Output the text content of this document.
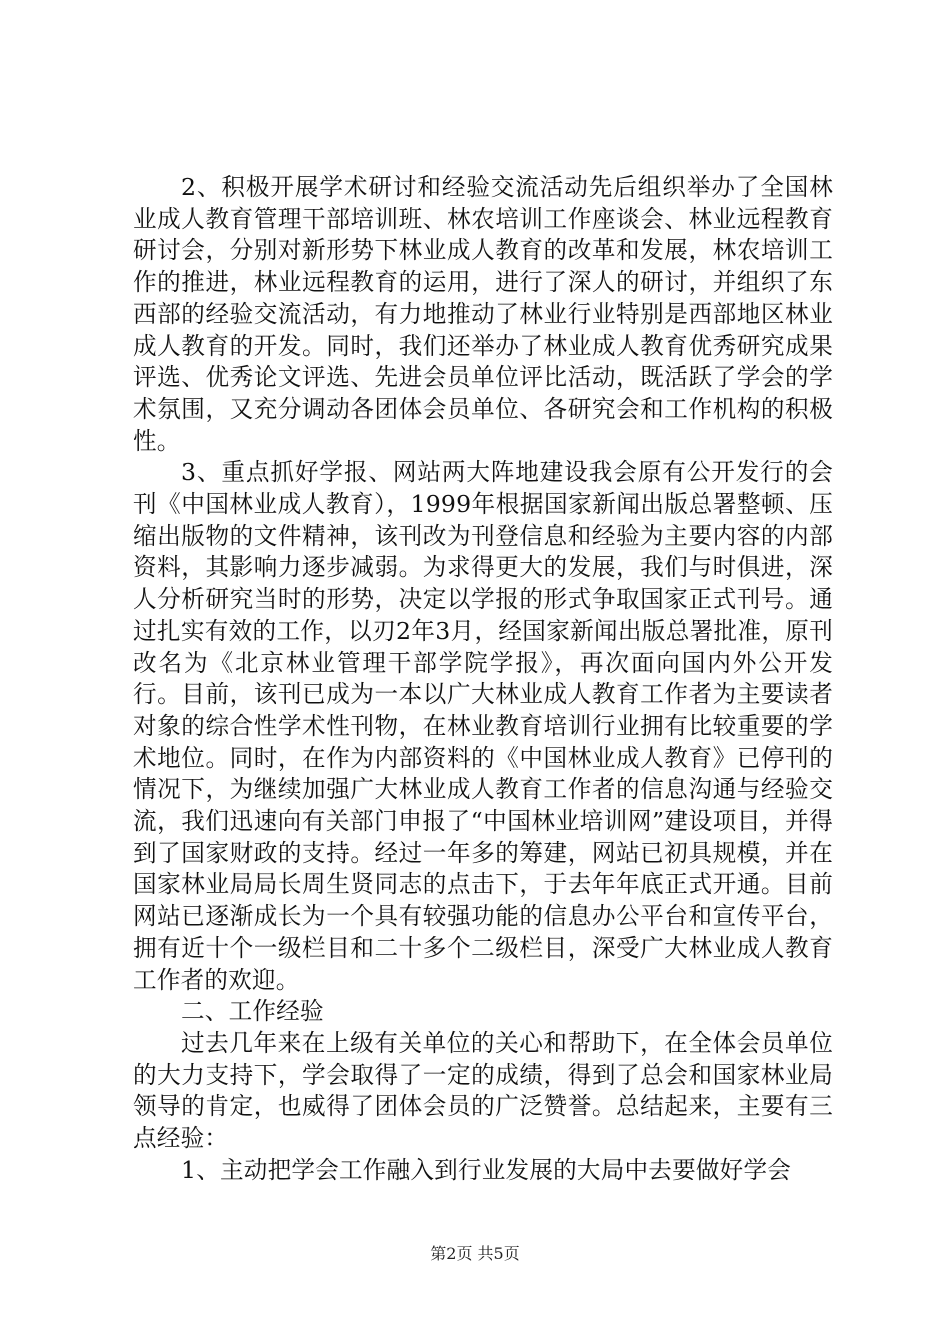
2、积极开展学术研讨和经验交流活动先后组织举办了全国林业成人教育管理干部培训班、林农培训工作座谈会、林业远程教育研讨会，分别对新形势下林业成人教育的改革和发展，林农培训工作的推进，林业远程教育的运用，进行了深人的研讨，并组织了东西部的经验交流活动，有力地推动了林业行业特别是西部地区林业成人教育的开发。同时，我们还举办了林业成人教育优秀研究成果评选、优秀论文评选、先进会员单位评比活动，既活跃了学会的学术氛围，又充分调动各团体会员单位、各研究会和工作机构的积极性。

3、重点抓好学报、网站两大阵地建设我会原有公开发行的会刊《中国林业成人教育），1999年根据国家新闻出版总署整顿、压缩出版物的文件精神，该刊改为刊登信息和经验为主要内容的内部资料，其影响力逐步减弱。为求得更大的发展，我们与时俱进，深人分析研究当时的形势，决定以学报的形式争取国家正式刊号。通过扎实有效的工作，以刃2年3月，经国家新闻出版总署批准，原刊改名为《北京林业管理干部学院学报》，再次面向国内外公开发行。目前，该刊已成为一本以广大林业成人教育工作者为主要读者对象的综合性学术性刊物，在林业教育培训行业拥有比较重要的学术地位。同时，在作为内部资料的《中国林业成人教育》已停刊的情况下，为继续加强广大林业成人教育工作者的信息沟通与经验交流，我们迅速向有关部门申报了“中国林业培训网”建设项目，并得到了国家财政的支持。经过一年多的筹建，网站已初具规模，并在国家林业局局长周生贤同志的点击下，于去年年底正式开通。目前网站已逐渐成长为一个具有较强功能的信息办公平台和宣传平台，拥有近十个一级栏目和二十多个二级栏目，深受广大林业成人教育工作者的欢迎。

二、工作经验

过去几年来在上级有关单位的关心和帮助下，在全体会员单位的大力支持下，学会取得了一定的成绩，得到了总会和国家林业局领导的肯定，也威得了团体会员的广泛赞誉。总结起来，主要有三点经验：

1、主动把学会工作融入到行业发展的大局中去要做好学会

第2页 共5页
